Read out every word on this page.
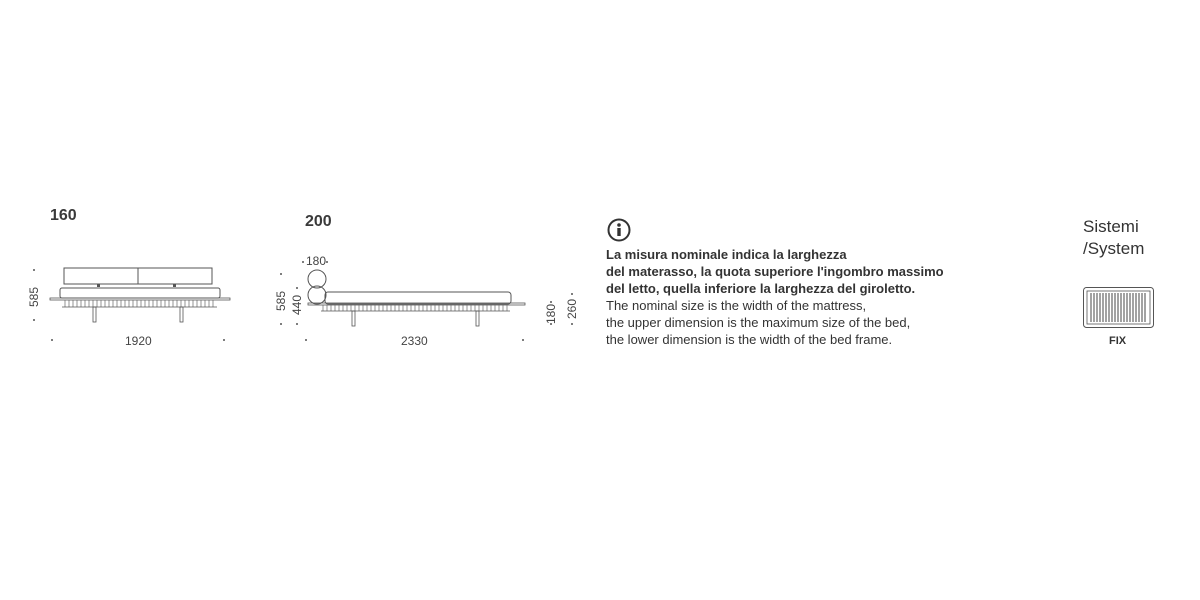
160
585
1920
200
180
585 440
2330
180 260
La misura nominale indica la larghezza
del materasso, la quota superiore l'ingombro massimo
del letto, quella inferiore la larghezza del giroletto.
The nominal size is the width of the mattress,
the upper dimension is the maximum size of the bed,
the lower dimension is the width of the bed frame.
Sistemi
/System
FIX
